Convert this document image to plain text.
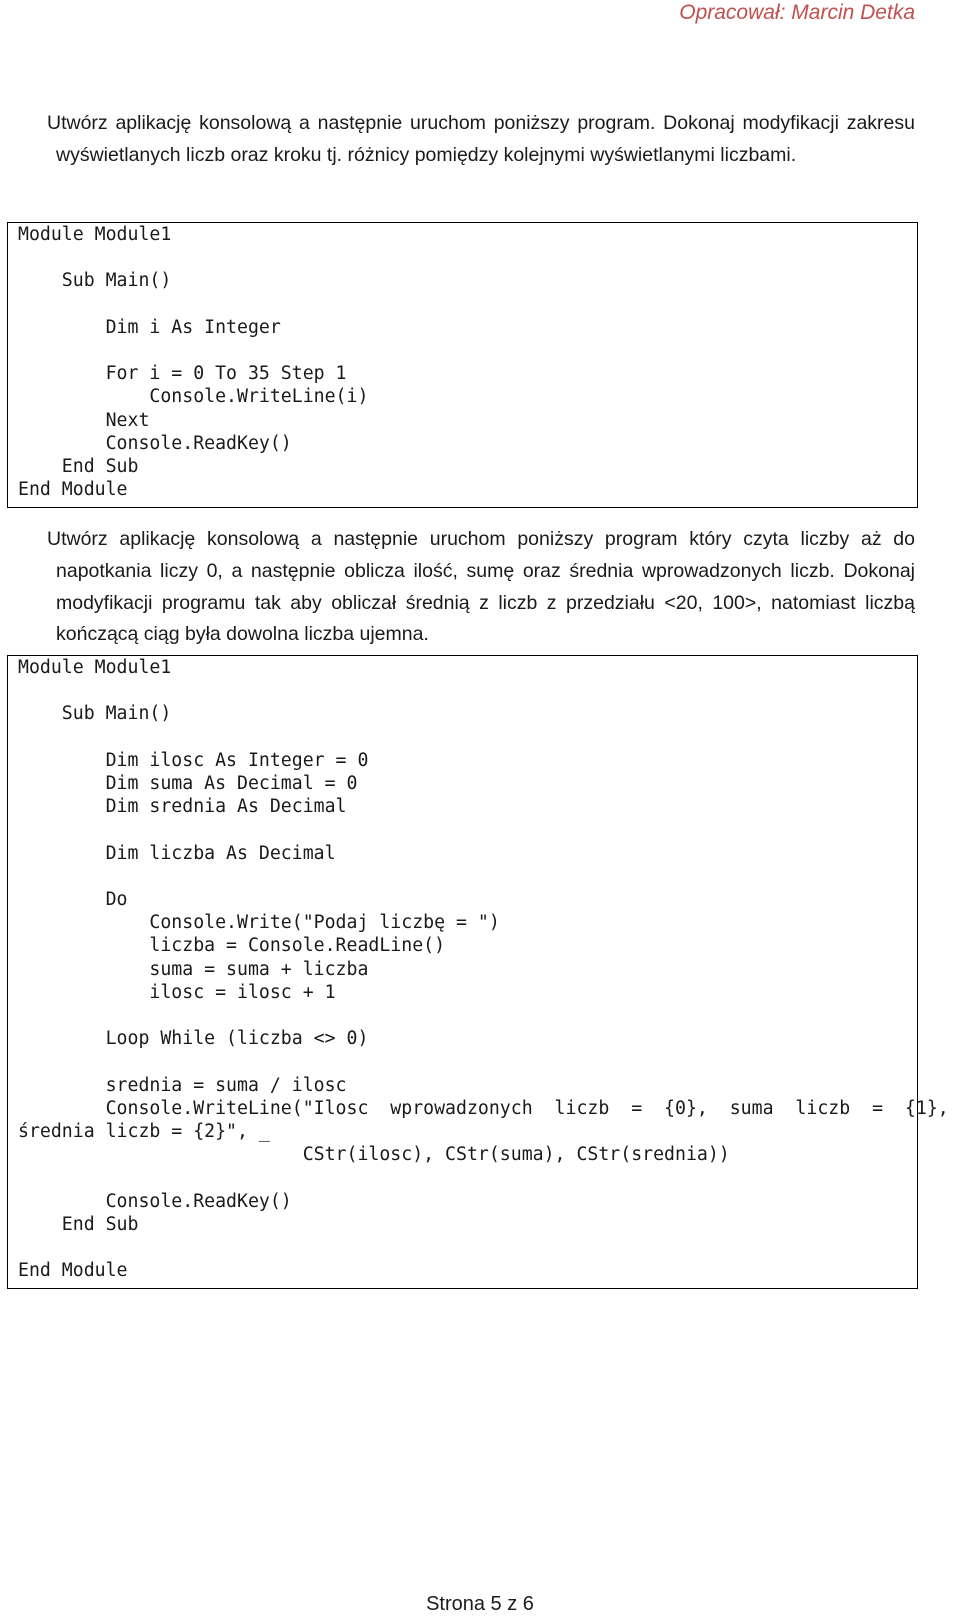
Opracował: Marcin Detka
Utwórz aplikację konsolową a następnie uruchom poniższy program. Dokonaj modyfikacji zakresu wyświetlanych liczb oraz kroku tj. różnicy pomiędzy kolejnymi wyświetlanymi liczbami.
Module Module1

Sub Main()

Dim i As Integer

For i = 0 To 35 Step 1
Console.WriteLine(i)
Next
Console.ReadKey()
End Sub
End Module
Utwórz aplikację konsolową a następnie uruchom poniższy program który czyta liczby aż do napotkania liczy 0, a następnie oblicza ilość, sumę oraz średnia wprowadzonych liczb. Dokonaj modyfikacji programu tak aby obliczał średnią z liczb z przedziału <20, 100>, natomiast liczbą kończącą ciąg była dowolna liczba ujemna.
Module Module1

Sub Main()

Dim ilosc As Integer = 0
Dim suma As Decimal = 0
Dim srednia As Decimal

Dim liczba As Decimal

Do
Console.Write("Podaj liczbę = ")
liczba = Console.ReadLine()
suma = suma + liczba
ilosc = ilosc + 1

Loop While (liczba <> 0)

srednia = suma / ilosc
Console.WriteLine("Ilosc  wprowadzonych  liczb  =  {0},  suma  liczb  =  {1},
średnia liczb = {2}", _
CStr(ilosc), CStr(suma), CStr(srednia))

Console.ReadKey()
End Sub

End Module
Strona 5 z 6
